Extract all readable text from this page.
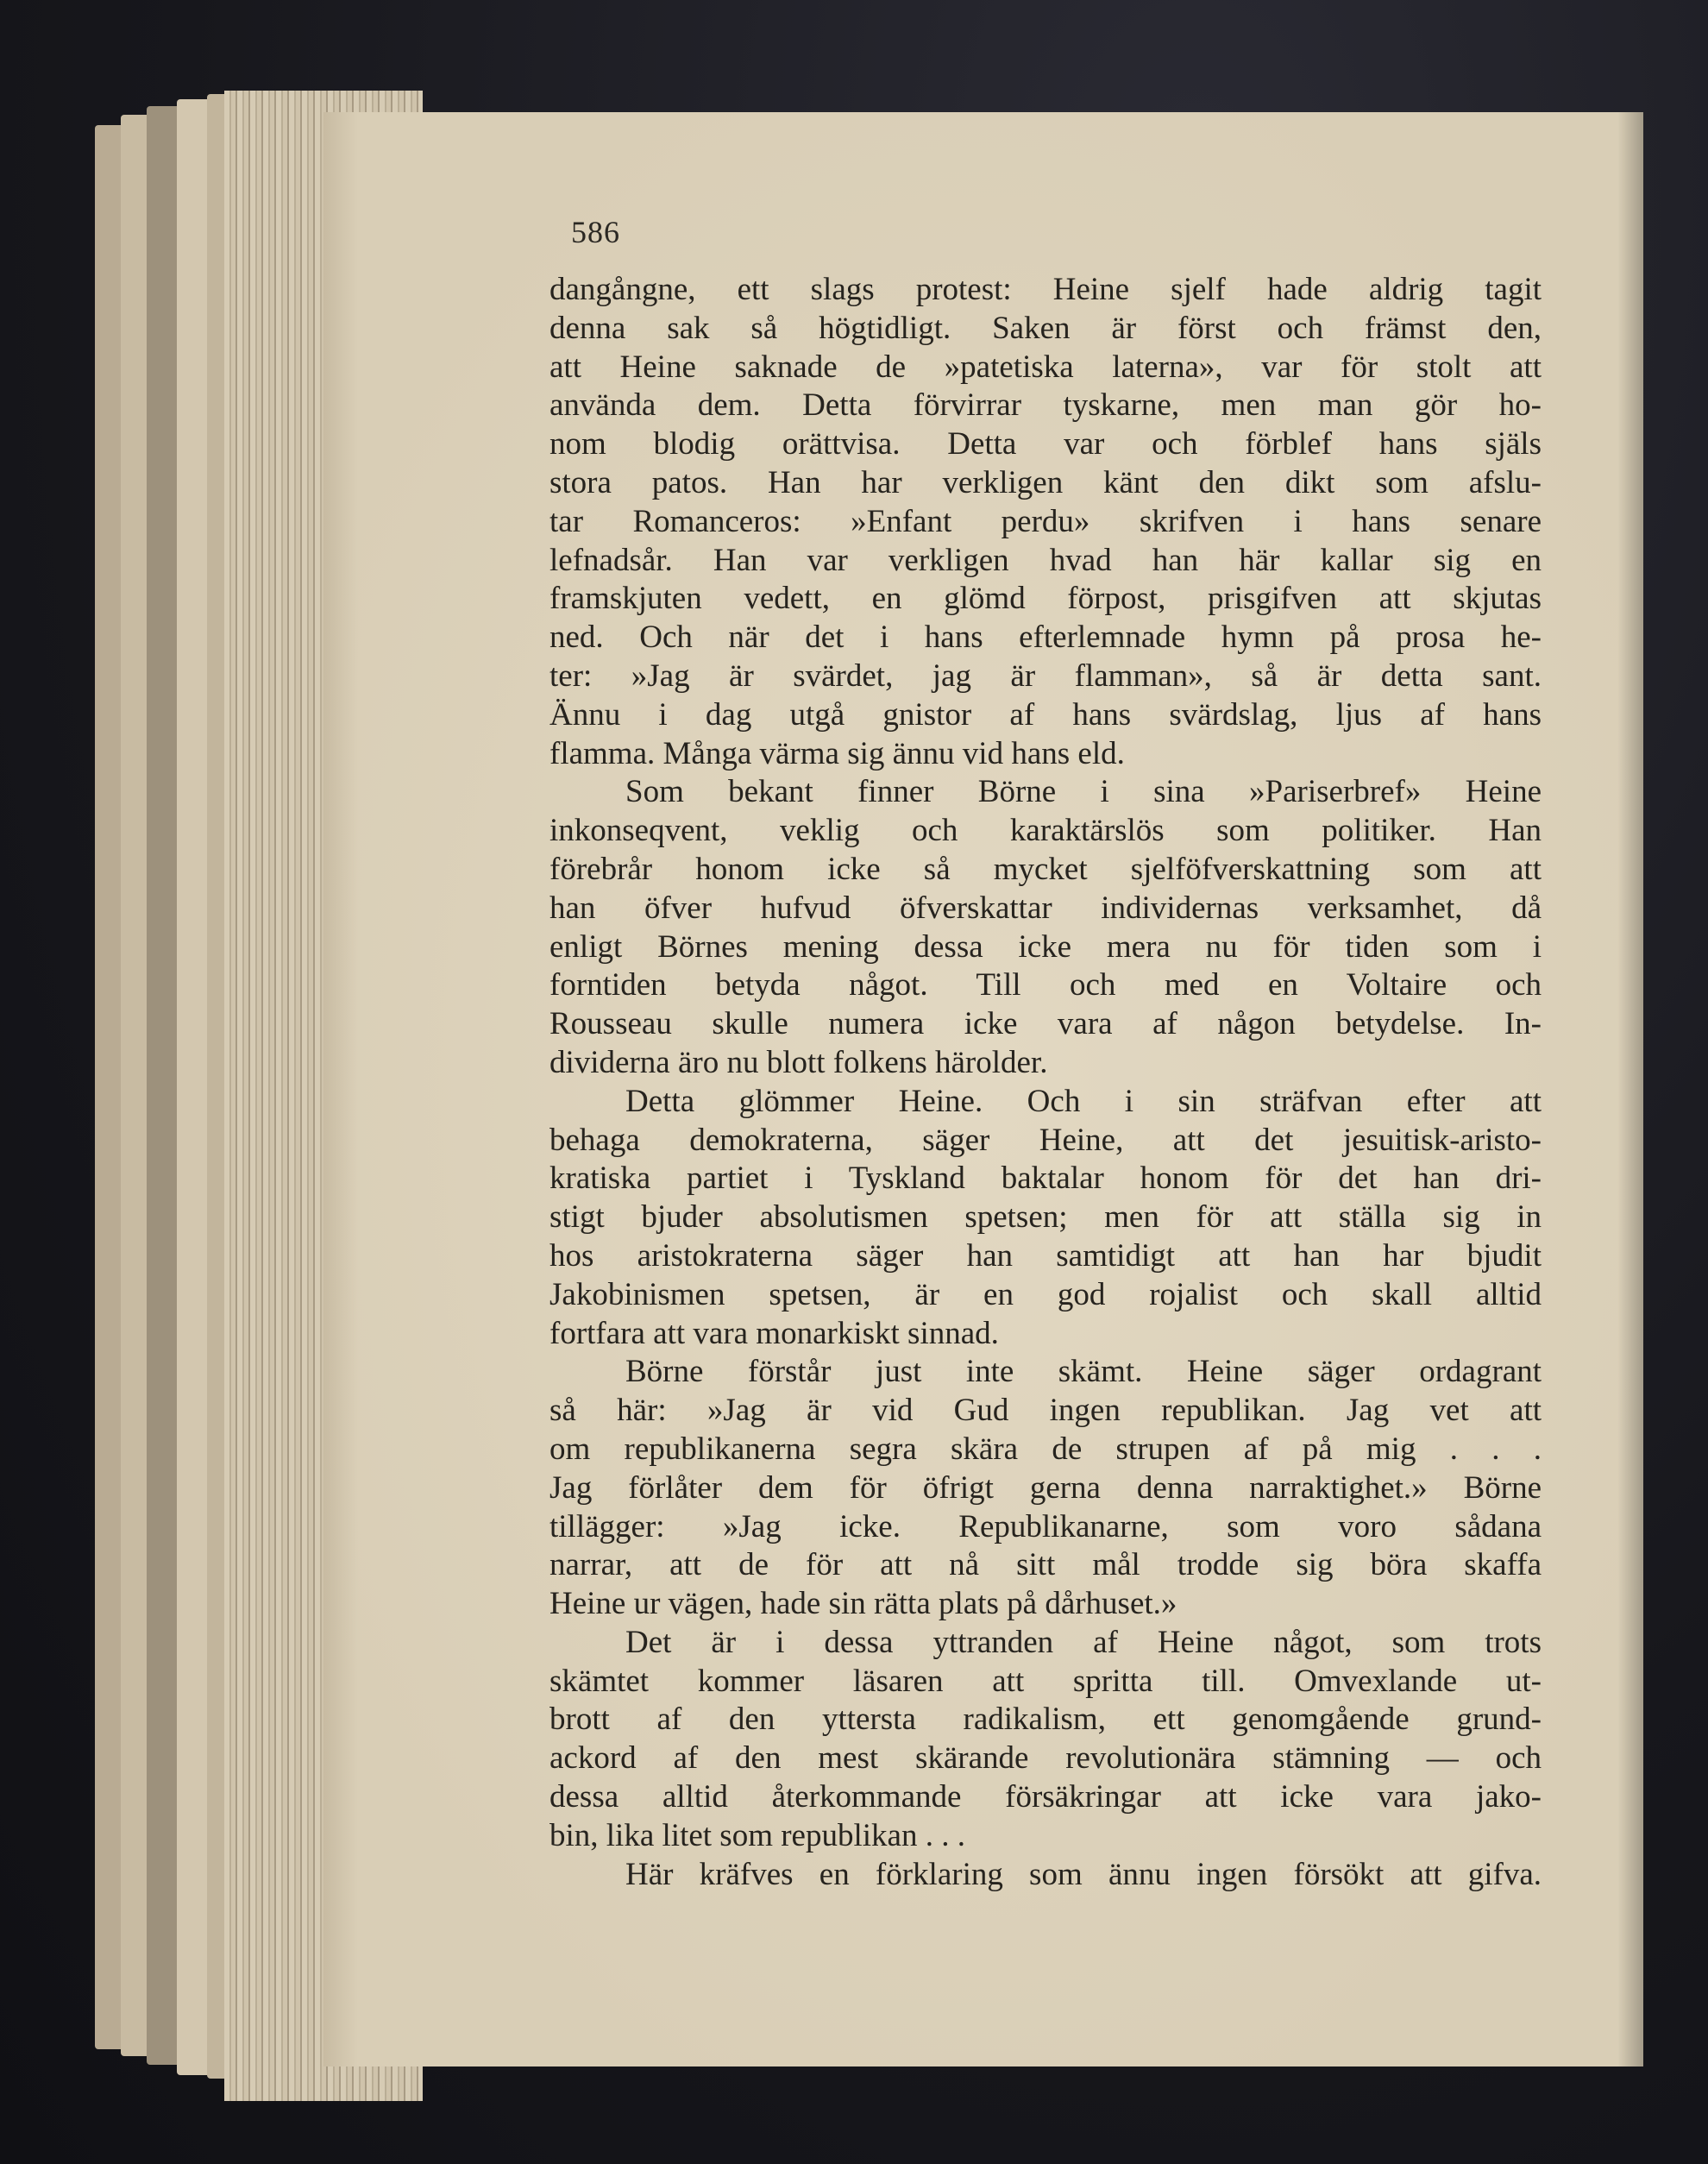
586
dangångne, ett slags protest: Heine sjelf hade aldrig tagit
denna sak så högtidligt. Saken är först och främst den,
att Heine saknade de »patetiska laterna», var för stolt att
använda dem. Detta förvirrar tyskarne, men man gör ho-
nom blodig orättvisa. Detta var och förblef hans själs
stora patos. Han har verkligen känt den dikt som afslu-
tar Romanceros: »Enfant perdu» skrifven i hans senare
lefnadsår. Han var verkligen hvad han här kallar sig en
framskjuten vedett, en glömd förpost, prisgifven att skjutas
ned. Och när det i hans efterlemnade hymn på prosa he-
ter: »Jag är svärdet, jag är flamman», så är detta sant.
Ännu i dag utgå gnistor af hans svärdslag, ljus af hans
flamma. Många värma sig ännu vid hans eld.
Som bekant finner Börne i sina »Pariserbref» Heine
inkonseqvent, veklig och karaktärslös som politiker. Han
förebrår honom icke så mycket sjelföfverskattning som att
han öfver hufvud öfverskattar individernas verksamhet, då
enligt Börnes mening dessa icke mera nu för tiden som i
forntiden betyda något. Till och med en Voltaire och
Rousseau skulle numera icke vara af någon betydelse. In-
dividerna äro nu blott folkens härolder.
Detta glömmer Heine. Och i sin sträfvan efter att
behaga demokraterna, säger Heine, att det jesuitisk-aristo-
kratiska partiet i Tyskland baktalar honom för det han dri-
stigt bjuder absolutismen spetsen; men för att ställa sig in
hos aristokraterna säger han samtidigt att han har bjudit
Jakobinismen spetsen, är en god rojalist och skall alltid
fortfara att vara monarkiskt sinnad.
Börne förstår just inte skämt. Heine säger ordagrant
så här: »Jag är vid Gud ingen republikan. Jag vet att
om republikanerna segra skära de strupen af på mig . . .
Jag förlåter dem för öfrigt gerna denna narraktighet.» Börne
tillägger: »Jag icke. Republikanarne, som voro sådana
narrar, att de för att nå sitt mål trodde sig böra skaffa
Heine ur vägen, hade sin rätta plats på dårhuset.»
Det är i dessa yttranden af Heine något, som trots
skämtet kommer läsaren att spritta till. Omvexlande ut-
brott af den yttersta radikalism, ett genomgående grund-
ackord af den mest skärande revolutionära stämning — och
dessa alltid återkommande försäkringar att icke vara jako-
bin, lika litet som republikan . . .
Här kräfves en förklaring som ännu ingen försökt att gifva.
